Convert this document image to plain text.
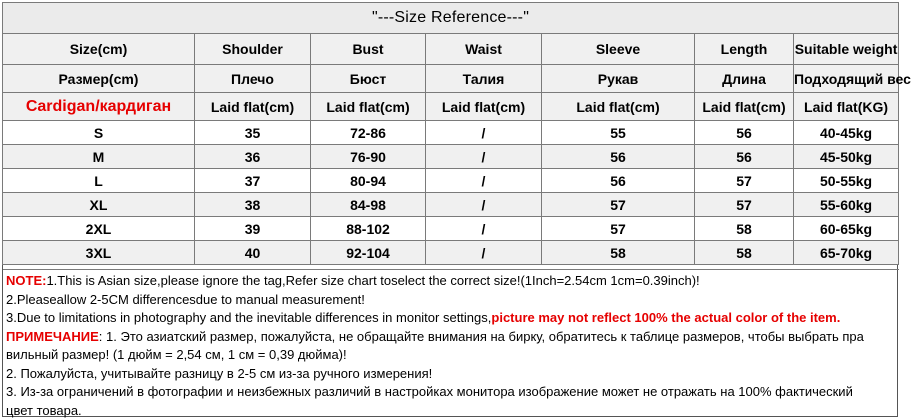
"---Size Reference---"						
Size(cm)	Shoulder	Bust	Waist	Sleeve	Length	Suitable weight
Размер(cm)	Плечо	Бюст	Талия	Рукав	Длина	Подходящий вес
Cardigan/кардиган	Laid flat(cm)	Laid flat(cm)	Laid flat(cm)	Laid flat(cm)	Laid flat(cm)	Laid flat(KG)
S	35	72-86	/	55	56	40-45kg
M	36	76-90	/	56	56	45-50kg
L	37	80-94	/	56	57	50-55kg
XL	38	84-98	/	57	57	55-60kg
2XL	39	88-102	/	57	58	60-65kg
3XL	40	92-104	/	58	58	65-70kg
NOTE:1.This is Asian size,please ignore the tag,Refer size chart toselect the correct size!(1Inch=2.54cm 1cm=0.39inch)!
2.Pleaseallow 2-5CM differencesdue to manual measurement!
3.Due to limitations in photography and the inevitable differences in monitor settings,picture may not reflect 100% the actual color of the item.
ПРИМЕЧАНИЕ: 1. Это азиатский размер, пожалуйста, не обращайте внимания на бирку, обратитесь к таблице размеров, чтобы выбрать пра
вильный размер! (1 дюйм = 2,54 см, 1 см = 0,39 дюйма)!
2. Пожалуйста, учитывайте разницу в 2-5 см из-за ручного измерения!
3. Из-за ограничений в фотографии и неизбежных различий в настройках монитора изображение может не отражать на 100% фактический
цвет товара.
